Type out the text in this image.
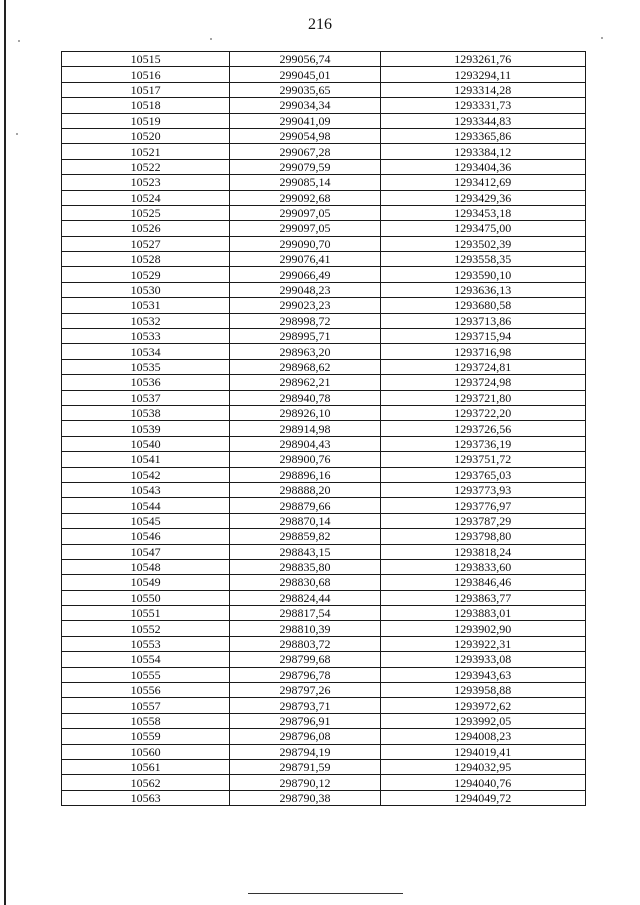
216
10515	299056,74	1293261,76
10516	299045,01	1293294,11
10517	299035,65	1293314,28
10518	299034,34	1293331,73
10519	299041,09	1293344,83
10520	299054,98	1293365,86
10521	299067,28	1293384,12
10522	299079,59	1293404,36
10523	299085,14	1293412,69
10524	299092,68	1293429,36
10525	299097,05	1293453,18
10526	299097,05	1293475,00
10527	299090,70	1293502,39
10528	299076,41	1293558,35
10529	299066,49	1293590,10
10530	299048,23	1293636,13
10531	299023,23	1293680,58
10532	298998,72	1293713,86
10533	298995,71	1293715,94
10534	298963,20	1293716,98
10535	298968,62	1293724,81
10536	298962,21	1293724,98
10537	298940,78	1293721,80
10538	298926,10	1293722,20
10539	298914,98	1293726,56
10540	298904,43	1293736,19
10541	298900,76	1293751,72
10542	298896,16	1293765,03
10543	298888,20	1293773,93
10544	298879,66	1293776,97
10545	298870,14	1293787,29
10546	298859,82	1293798,80
10547	298843,15	1293818,24
10548	298835,80	1293833,60
10549	298830,68	1293846,46
10550	298824,44	1293863,77
10551	298817,54	1293883,01
10552	298810,39	1293902,90
10553	298803,72	1293922,31
10554	298799,68	1293933,08
10555	298796,78	1293943,63
10556	298797,26	1293958,88
10557	298793,71	1293972,62
10558	298796,91	1293992,05
10559	298796,08	1294008,23
10560	298794,19	1294019,41
10561	298791,59	1294032,95
10562	298790,12	1294040,76
10563	298790,38	1294049,72
